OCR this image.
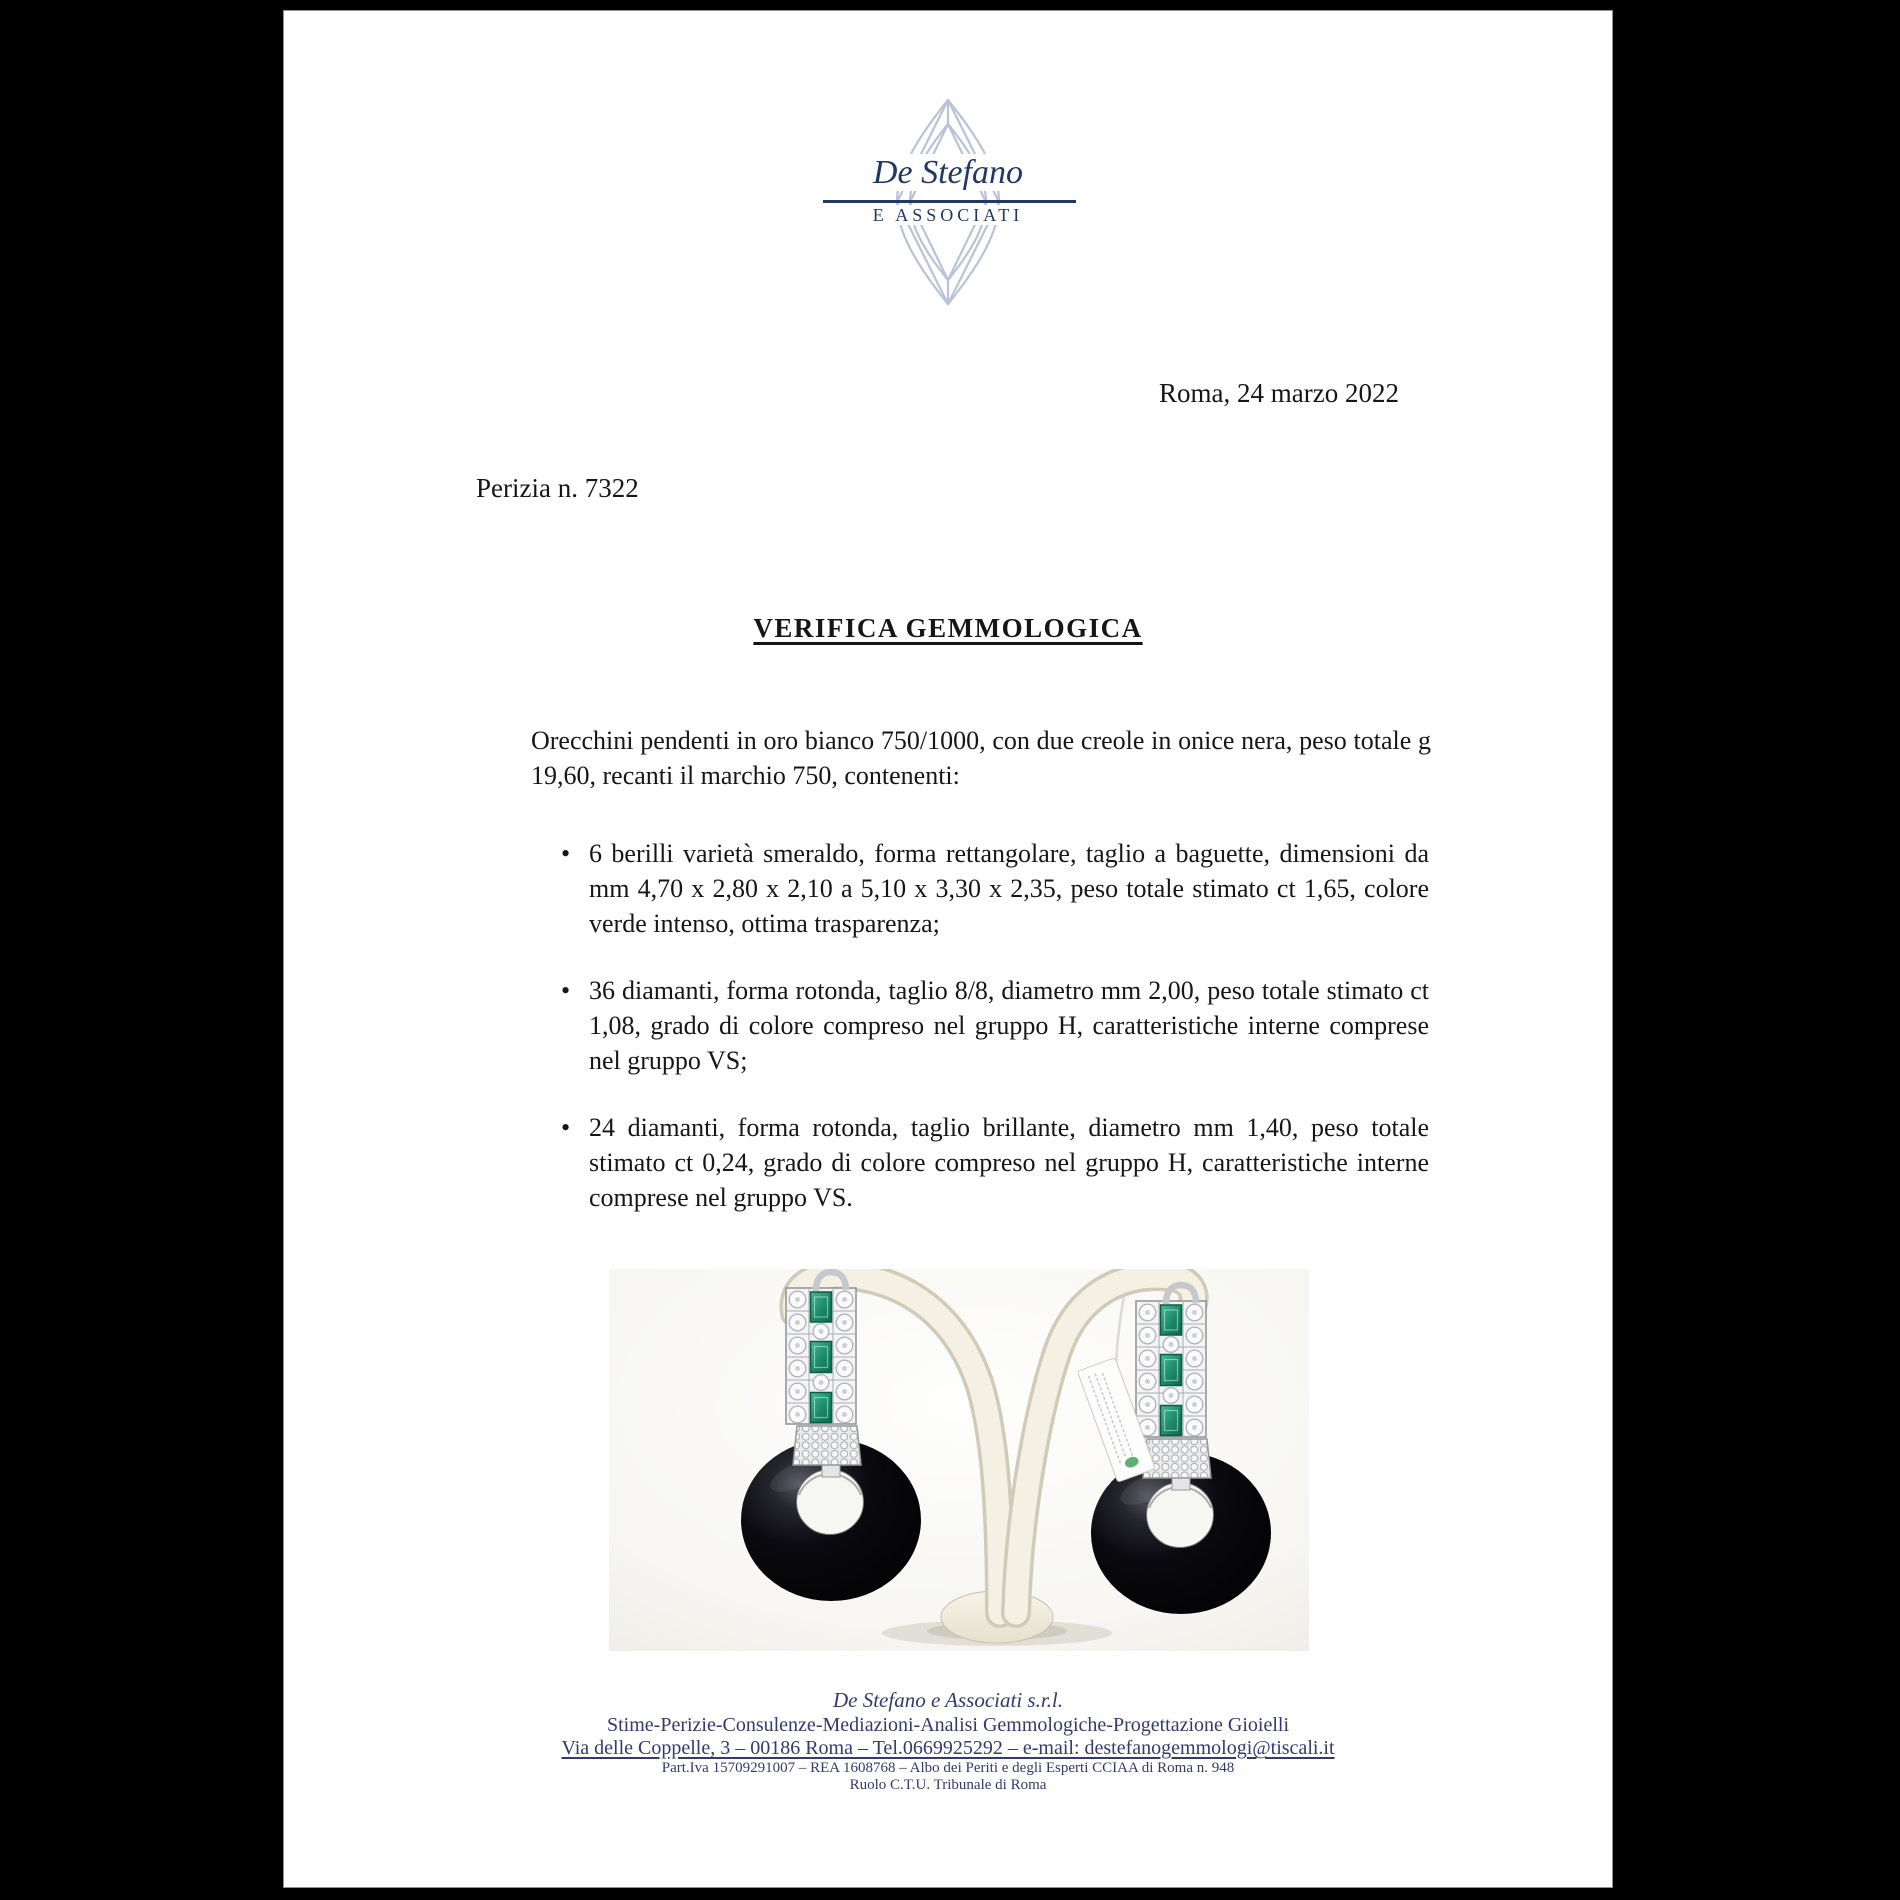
De Stefano
E ASSOCIATI
Roma, 24 marzo 2022
Perizia n. 7322
VERIFICA GEMMOLOGICA

Orecchini pendenti in oro bianco 750/1000, con due creole in onice nera, peso totale g 19,60, recanti il marchio 750, contenenti:

• 6 berilli varietà smeraldo, forma rettangolare, taglio a baguette, dimensioni da mm 4,70 x 2,80 x 2,10 a 5,10 x 3,30 x 2,35, peso totale stimato ct 1,65, colore verde intenso, ottima trasparenza;
• 36 diamanti, forma rotonda, taglio 8/8, diametro mm 2,00, peso totale stimato ct 1,08, grado di colore compreso nel gruppo H, caratteristiche interne comprese nel gruppo VS;
• 24 diamanti, forma rotonda, taglio brillante, diametro mm 1,40, peso totale stimato ct 0,24, grado di colore compreso nel gruppo H, caratteristiche interne comprese nel gruppo VS.
De Stefano e Associati s.r.l.
Stime-Perizie-Consulenze-Mediazioni-Analisi Gemmologiche-Progettazione Gioielli
Via delle Coppelle, 3 – 00186 Roma – Tel.0669925292 – e-mail: destefanogemmologi@tiscali.it
Part.Iva 15709291007 – REA 1608768 – Albo dei Periti e degli Esperti CCIAA di Roma n. 948
Ruolo C.T.U. Tribunale di Roma
